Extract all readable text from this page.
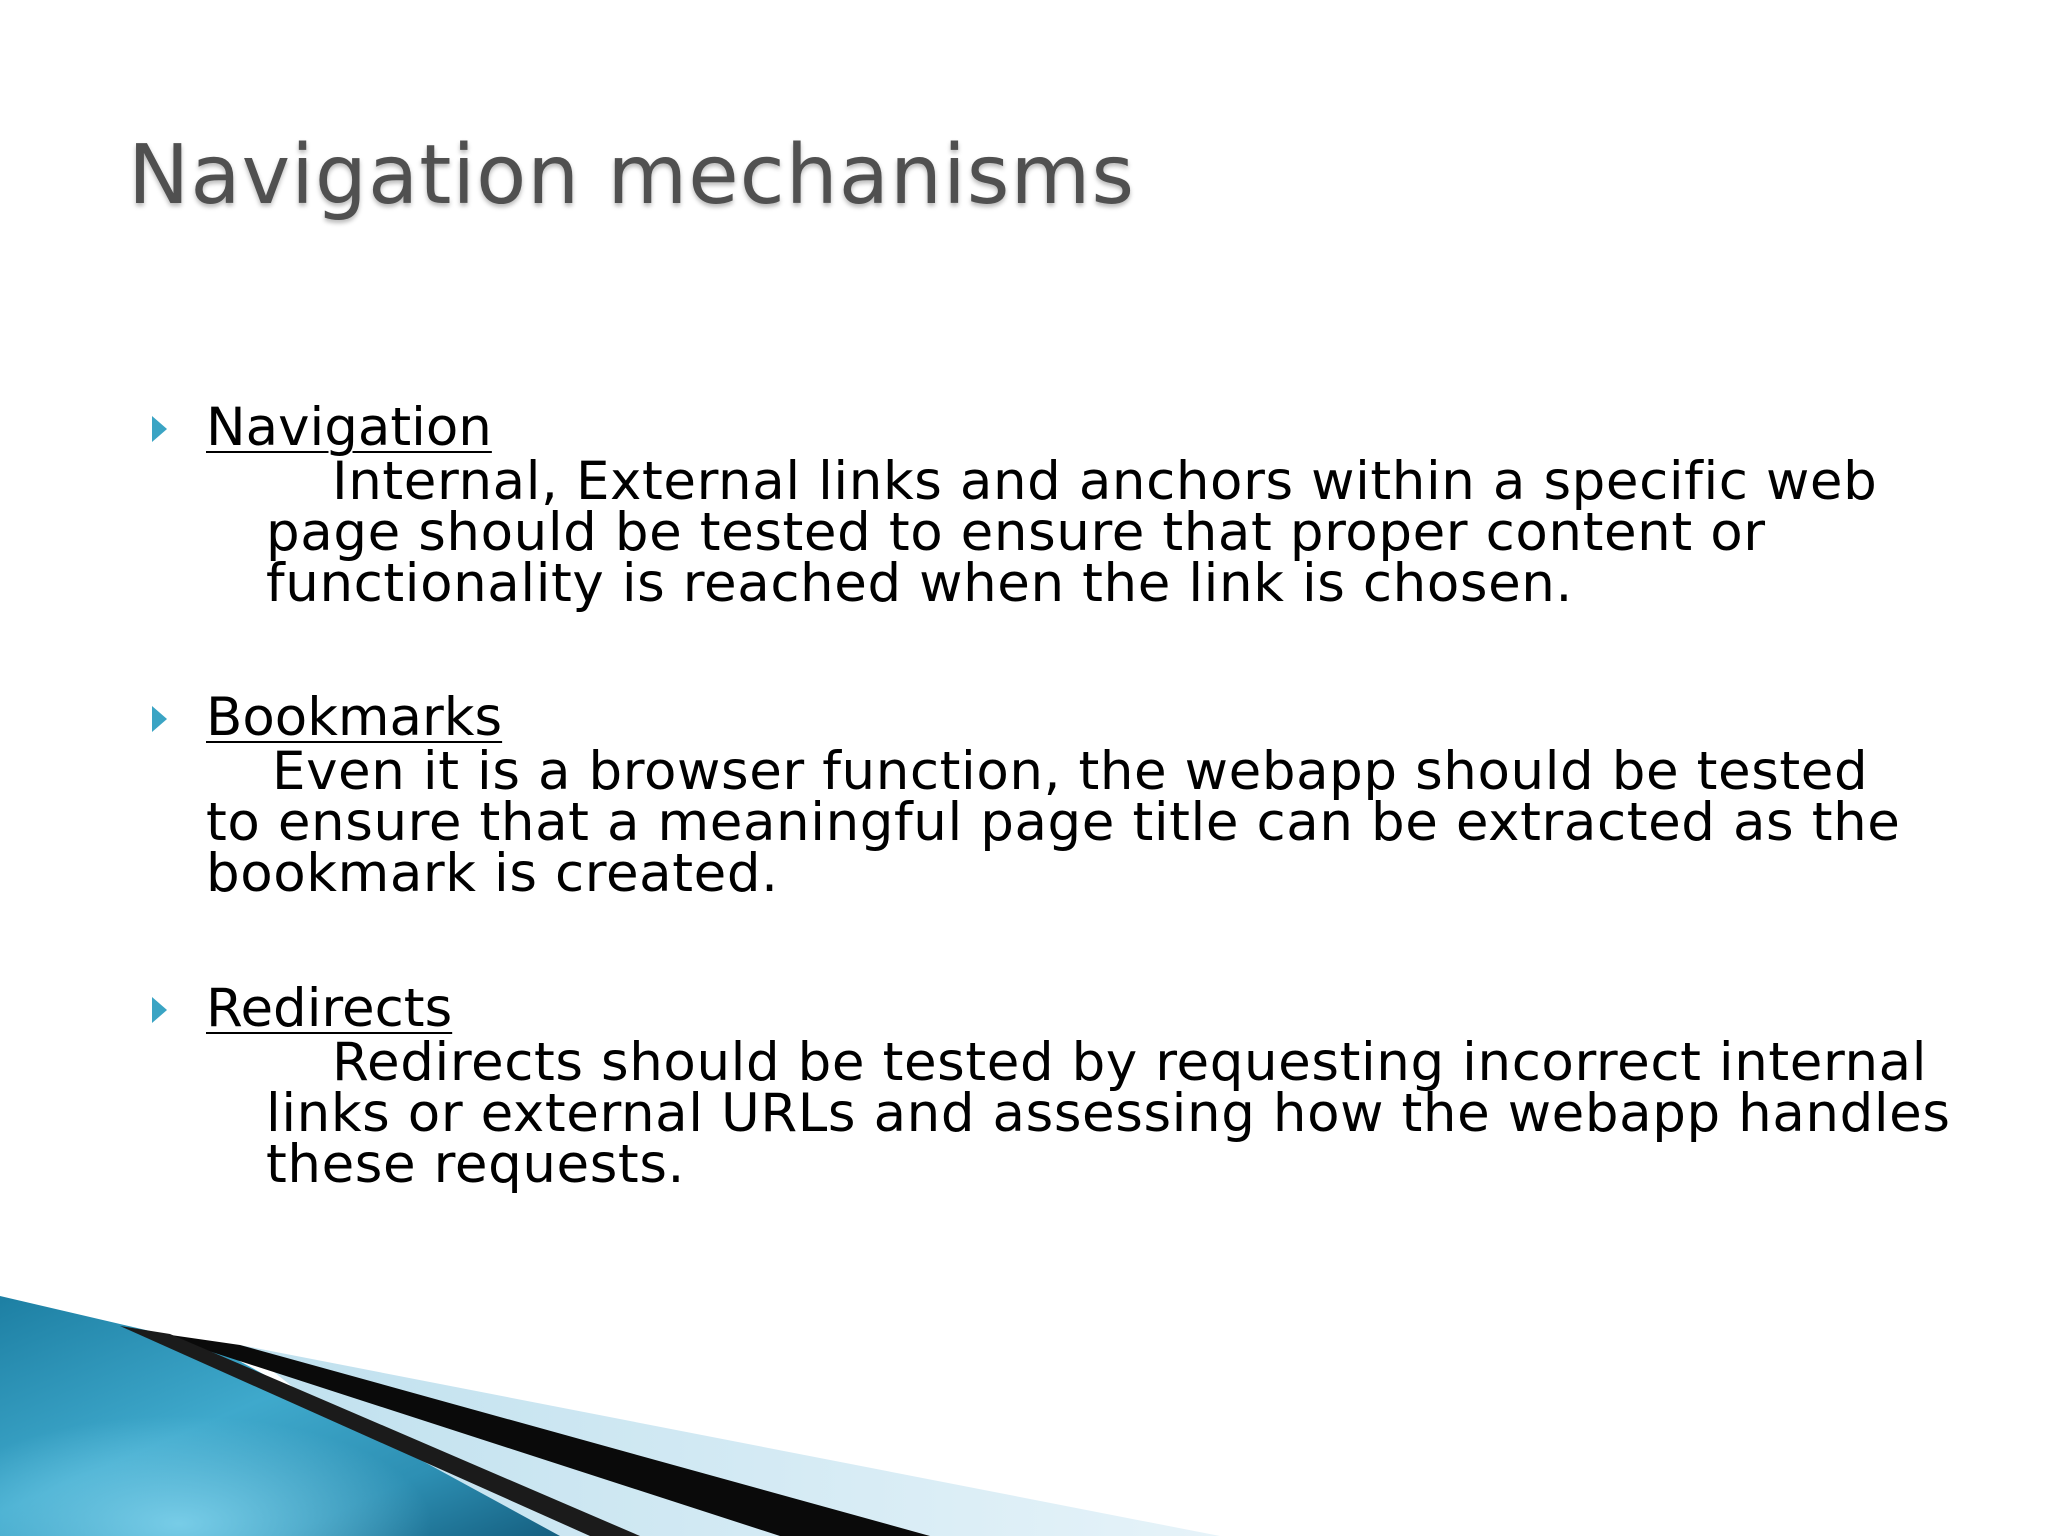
Navigation mechanisms

Navigation

Internal, External links and anchors within a specific web
page should be tested to ensure that proper content or
functionality is reached when the link is chosen.

Bookmarks

Even it is a browser function, the webapp should be tested
to ensure that a meaningful page title can be extracted as the
bookmark is created.

Redirects

Redirects should be tested by requesting incorrect internal
links or external URLs and assessing how the webapp handles
these requests.
